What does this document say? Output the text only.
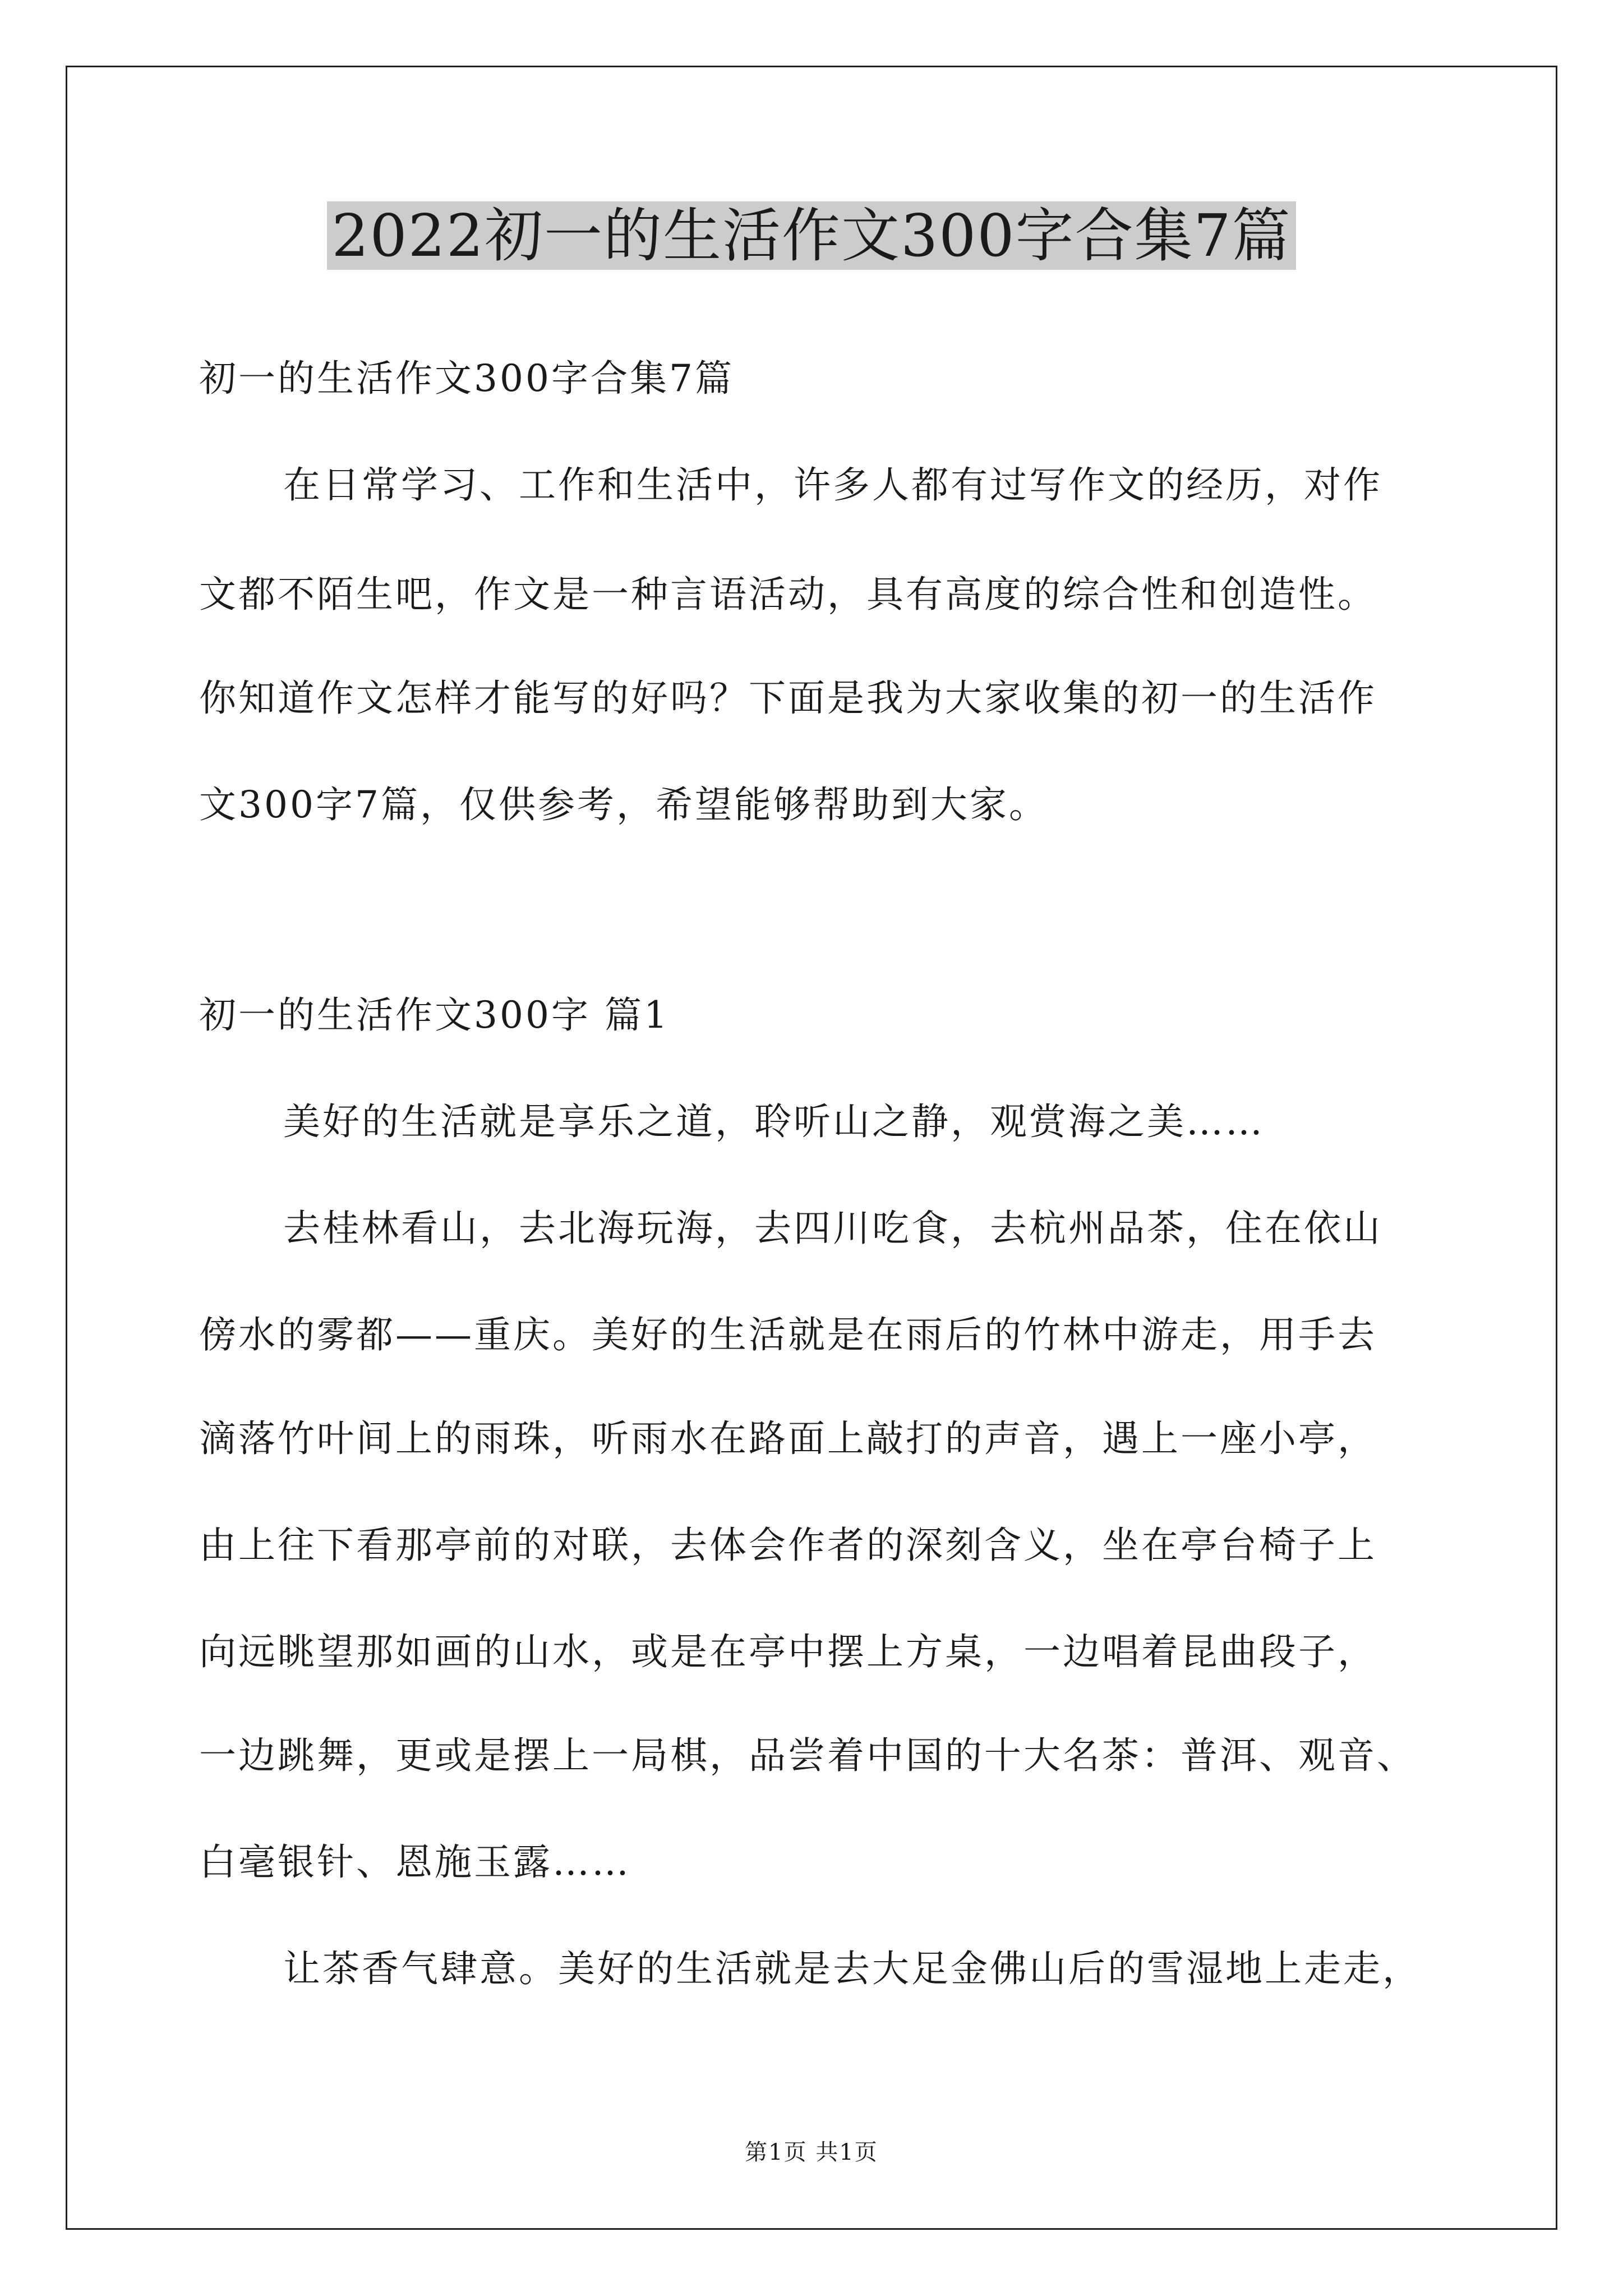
2022初一的生活作文300字合集7篇
初一的生活作文300字合集7篇
在日常学习、工作和生活中，许多人都有过写作文的经历，对作
文都不陌生吧，作文是一种言语活动，具有高度的综合性和创造性。
你知道作文怎样才能写的好吗？下面是我为大家收集的初一的生活作
文300字7篇，仅供参考，希望能够帮助到大家。
初一的生活作文300字 篇1
美好的生活就是享乐之道，聆听山之静，观赏海之美……
去桂林看山，去北海玩海，去四川吃食，去杭州品茶，住在依山
傍水的雾都——重庆。美好的生活就是在雨后的竹林中游走，用手去
滴落竹叶间上的雨珠，听雨水在路面上敲打的声音，遇上一座小亭，
由上往下看那亭前的对联，去体会作者的深刻含义，坐在亭台椅子上
向远眺望那如画的山水，或是在亭中摆上方桌，一边唱着昆曲段子，
一边跳舞，更或是摆上一局棋，品尝着中国的十大名茶：普洱、观音、
白毫银针、恩施玉露……
让茶香气肆意。美好的生活就是去大足金佛山后的雪湿地上走走，
第1页 共1页
